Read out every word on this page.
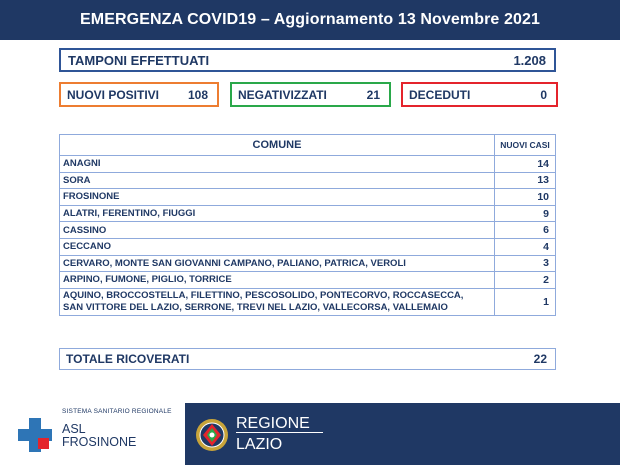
EMERGENZA COVID19 – Aggiornamento 13 Novembre 2021
TAMPONI EFFETTUATI	1.208
NUOVI POSITIVI 108	NEGATIVIZZATI	21 DECEDUTI	0
COMUNE	NUOVI CASI
ANAGNI	14
SORA	13
FROSINONE	10
ALATRI, FERENTINO, FIUGGI	9
CASSINO	6
CECCANO	4
CERVARO, MONTE SAN GIOVANNI CAMPANO, PALIANO, PATRICA, VEROLI	3
ARPINO, FUMONE, PIGLIO, TORRICE	2

AQUINO, BROCCOSTELLA, FILETTINO, PESCOSOLIDO, PONTECORVO, ROCCASECCA,
SAN VITTORE DEL LAZIO, SERRONE, TREVI NEL LAZIO, VALLECORSA, VALLEMAIO	1
TOTALE RICOVERATI	22
SISTEMA SANITARIO REGIONALE
ASL
FROSINONE
REGIONE
LAZIO
